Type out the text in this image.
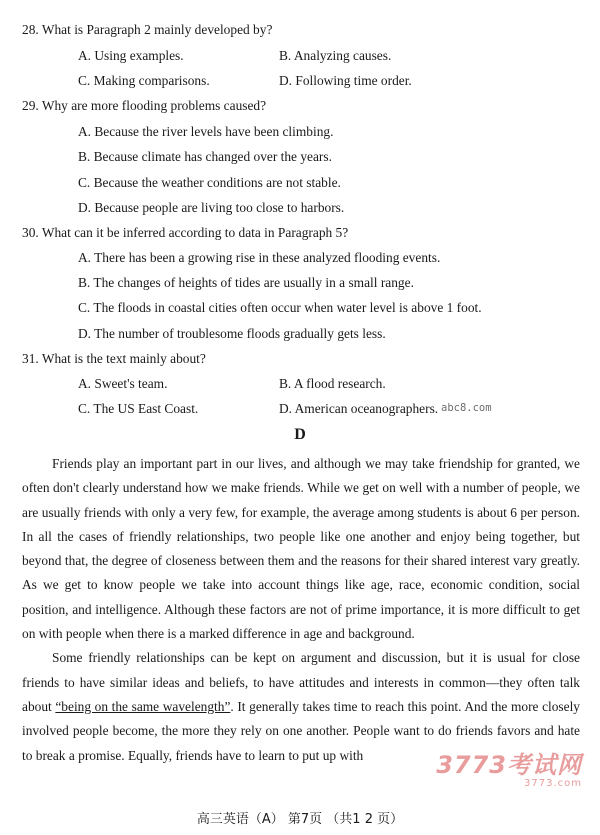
28. What is Paragraph 2 mainly developed by?
A. Using examples.	B. Analyzing causes.
C. Making comparisons.	D. Following time order.
29. Why are more flooding problems caused?
A. Because the river levels have been climbing.
B. Because climate has changed over the years.
C. Because the weather conditions are not stable.
D. Because people are living too close to harbors.
30. What can it be inferred according to data in Paragraph 5?
A. There has been a growing rise in these analyzed flooding events.
B. The changes of heights of tides are usually in a small range.
C. The floods in coastal cities often occur when water level is above 1 foot.
D. The number of troublesome floods gradually gets less.
31. What is the text mainly about?
A. Sweet's team.	B. A flood research.
C. The US East Coast.	D. American oceanographers. abc8.com
D

Friends play an important part in our lives, and although we may take friendship for granted, we often don't clearly understand how we make friends. While we get on well with a number of people, we are usually friends with only a very few, for example, the average among students is about 6 per person. In all the cases of friendly relationships, two people like one another and enjoy being together, but beyond that, the degree of closeness between them and the reasons for their shared interest vary greatly. As we get to know people we take into account things like age, race, economic condition, social position, and intelligence. Although these factors are not of prime importance, it is more difficult to get on with people when there is a marked difference in age and background.

Some friendly relationships can be kept on argument and discussion, but it is usual for close friends to have similar ideas and beliefs, to have attitudes and interests in common—they often talk about “being on the same wavelength”. It generally takes time to reach this point. And the more closely involved people become, the more they rely on one another. People want to do friends favors and hate to break a promise. Equally, friends have to learn to put up with	3773考试网
3773.com
高三英语（A） 第7页 （共1 2 页）
